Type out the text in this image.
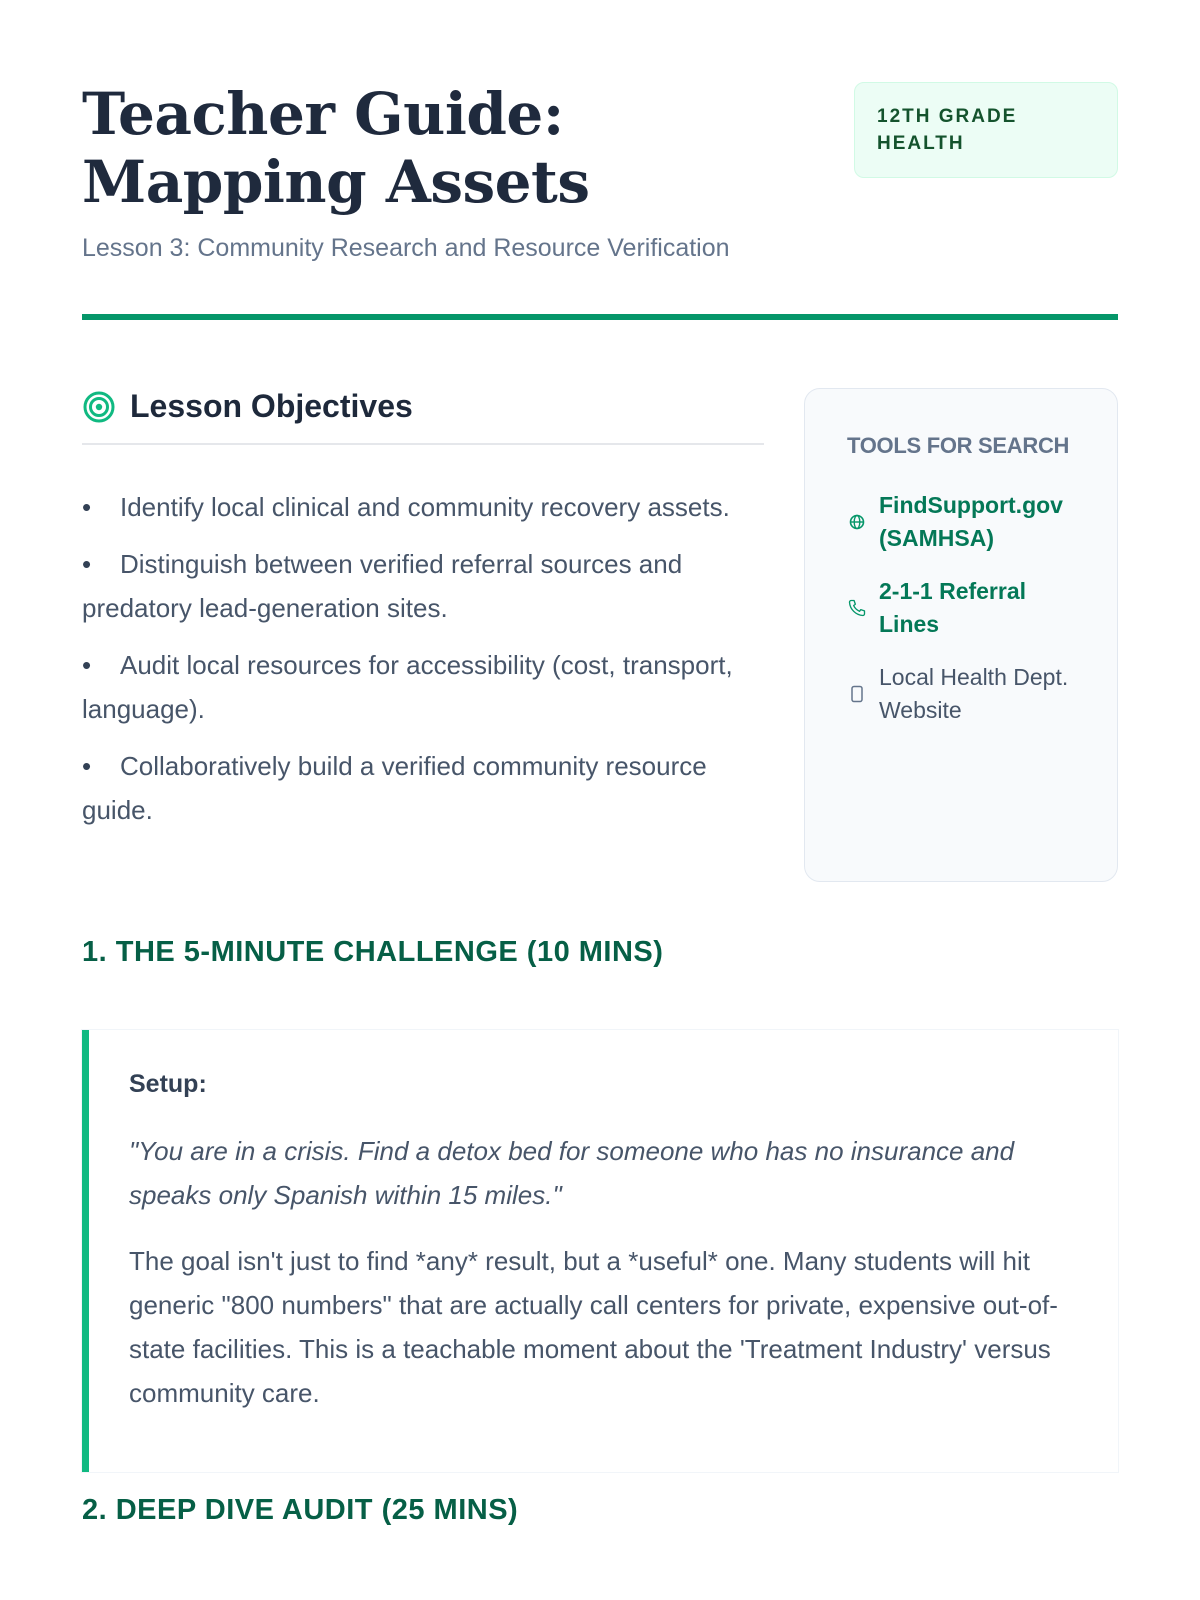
Teacher Guide: Mapping Assets
Lesson 3: Community Research and Resource Verification
12TH GRADE HEALTH
Lesson Objectives
• Identify local clinical and community recovery assets.
• Distinguish between verified referral sources and predatory lead-generation sites.
• Audit local resources for accessibility (cost, transport, language).
• Collaboratively build a verified community resource guide.
TOOLS FOR SEARCH
FindSupport.gov (SAMHSA)
2-1-1 Referral Lines
Local Health Dept. Website
1. THE 5-MINUTE CHALLENGE (10 MINS)
Setup:

"You are in a crisis. Find a detox bed for someone who has no insurance and speaks only Spanish within 15 miles."

The goal isn't just to find *any* result, but a *useful* one. Many students will hit generic "800 numbers" that are actually call centers for private, expensive out-of-state facilities. This is a teachable moment about the 'Treatment Industry' versus community care.

2. DEEP DIVE AUDIT (25 MINS)
